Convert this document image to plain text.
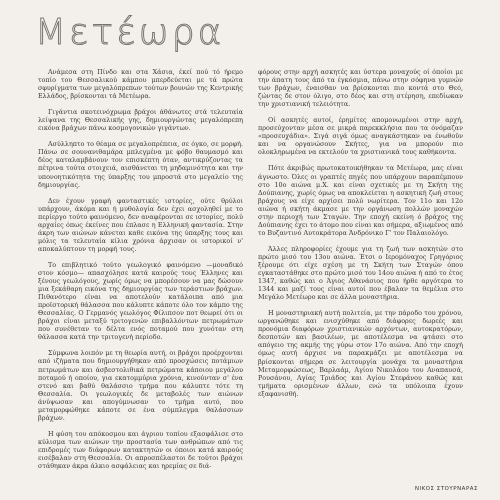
Μετέωρα

Ανάμεσα στη Πίνδο και στα Χάσια, έκεί πού τό ήρεμο τοπίο του Θεσσαλικού κάμπου μπερδεύεται με τά πρώτα σφυρίγματα των μεγαλόπρεπων τούτων βουνών της Κεντρικής Ελλάδος, βρίσκονται τά Μετέωρα.

Γιγάντια σκοτεινόχρωμα βράχοι άθάνωτες στά τελευταία λείψανα της Θεσσαλικής γης, δημιουργώντας μεγαλόπρεπη εικόνα βράχων πάνω κοσμογονικών γιγάντων.

Ασύλληπτο το θέαμα σε μεγαλοπρέπεια, σε όγκο, σε μορφή. Πάνω σε σουνανιθαμάρα μπλεγμένα με φόβο θαυμασμό και δέος καταλαμβάνουν τον επισκέπτη όταν, αντικρύζοντας τα πέτρινα τούτα στοιχειά, αισθάνεται τη μηδαμινότητα και την υπονοητικότητα της ύπαρξης του μπροστά στο μεγαλείο της δημιουργίας.

Δεν έχουν γραφή φανταστικές ιστορίες, ούτε θρύλοι υπάρχουν, άκόμα και ή μυθολογία δεν έχει ασχοληθεί με το περίεργο τούτο φαινόμενο, δεν αναφέρονται σε ιστορίες, πολύ αρχαίες όπως έκείνες που έπλασε η Ελληνική φαντασία. Στην άκρη των αιώνων κάνεται καθε εικόνα της ύπαρξης τους και μόλις τα τελευταία κίλια χρόνια άρχισαν οι ιστορικοί ν' αποκαλύπτουν τη μορφή τους.

Το επιβλητικό τούτο γεωλογικό φαινόμενο —μοναδικό στον κόσμο— απασχόλησε κατά καιρούς τους Έλληνες και ξένους γεωλόγους, χωρίς όμως να μπορέσουν να μας δώσουν μια ξεκάθαρη εικόνα της δημιουργίας των τεράστιων βράχων. Πιθανότερο είναι να αποτελούν κατάλοιπα από μια προϊστορική θάλασσα που κάλυπτε κάποτε όλο τον κάμπο της Θεσσαλίας. Ο Γερμανός γεωλόγος Φίλιπσον ποτ θεωρεί ότι οι βράχοι είναι μεταξύ τριτογενών επιβαλλόντων πετρωμάτων που συνέθεταν το δέλτα ενός ποταμού που χυνόταν στη θάλασσα κατά την τριτογενή περίοδο.

Σύμφωνα λοιπόν με τη θεωρία αυτή, οι βράχοι προέρχονται από ιζήματα που δημιουργήθηκαν από προσχώσεις ποτάμιων πετρωμάτων και άσβεστολιθικά πετρώματα κάποιου μεγάλου ποταμού ή οποίου, για εκατομμύρια χρόνια, κινούνταν σ' ένα στενό και βαθύ θαλάσσιο τμήμα που κάλυπτε τότε τη Θεσσαλία. Οι γεωλογικές δε μεταβολές των αιώνων άνύψωσαν και απογύμνωσαν το τμήμα αυτό, που μεταμορφώθηκε κάποτε σε ένα σύμπλεγμα θαλάσσιων βράχων.

Η φύση του απόκοσμου και άγριου τοπίου εξασφάλισε στο κύλισμα των αιώνων την προστασία των ανθρώπων από τις επιδρομές των διάφορων κατακτητών οι όποιοι κατά καιρούς εισέβαλαν στη Θεσσαλία. Οι απροσπέλαστοι δε τούτοι βράχοι στάθηκαν άκρα άλκιο ασφάλειας και ηρεμίας σε διά-

φόρους στην αρχή ασκητές και ύστερα μοναχούς οί όποίοι με την άπατη τους άπό τα έγκόσμια, πάνω στην σόφηνα γυμνών των βράχων, έναισθαν να βρίσκονται πιο κοντά στο Θεό, ζώντας δε στον όλιγο, στο δέος και στη στέρηση, επεδίωκαν την χριστιανική τελειότητα.

Οί ασκητές αυτοί, έρημίτες απομονωμένοι στην αρχή, προσεύχονταν μέσα σε μικρά παρεκκλήσια που τα όνόμαζαν «προσευχάδια». Σιγά σιγά όμως αναγκάστηκαν να ένωθοϋν και να οργανώσουν Σκήτες, για να μπορούν πιο ολοκληρωμένα να εκτελούν τα χριστιανικά τους καθήκοντα.

Πότε άκριβώς πρωτοκατοικήθηκαν τα Μετέωρα, μας είναι άγνωστο. Όλες οι γραπτές πηγές που υπάρχουν παραπέμπουν στο 10ο αιώνα μ.Χ. και είναι σχετικές με τη Σκήτη της Δούπιανης, χωρίς όμως να αποκλείεται η ασκητική ζωή στους βράχους να είχε αρχίσει πολύ νωρίτερα. Τον 11ο και 12ο αιώνα ή σκήτη άκμασε με την οργάνωση πολλών μοναχών στην περιοχή των Σταγών. Την εποχή εκείνη ό βράχος της Δούπιανης έχει το άτομο που είναι και σήμερα, αξιωμένος από το Βυζαντινό Αυτοκράτορα Άνδρόνικο Γ' τον Παλαιολόγο.

Άλλες πληροφορίες έχουμε για τη ζωή των ασκητών στο πρώτο μισό του 13ου αιώνα. Έτσι ο Ιερομόναχος Γρηγόριος ξέρουμε ότι είχε σχέση με τη Σκήτη των Σταγών όπου εγκαταστάθηκε στο πρώτο μισό του 14ου αιώνα ή από το έτος 1347, καθώς και ο Άγιος Αθανάσιος που ήρθε αργότερα το 1344 και μαζί τους είναι αυτοί που έβαλαν τα θεμέλια στο Μεγάλο Μετέωρο και σε άλλα μοναστήρια.

Η μοναστηριακή αυτή πολιτεία, με την πάροδο του χρόνου, ωργανώθηκε και ενισχύθηκε από διάφορες δωρεές και προνόμια διαφόρων χριστιανικών αρχόντων, αυτοκρατόρων, δεσποτών και βασιλέων, με αποτέλεσμα να φτάσει στο απόγειο της ακμής της γύρω στον 17ο αιώνα. Από την εποχή όμως αυτή άρχισε να παρακμάζει με αποτέλεσμα να βρίσκονται σήμερα σε λειτουργία μονάχα τα μοναστήρια Μεταμορφώσεως, Βαρλαάμ, Αγίου Νικολάου του Αναπαυσά, Ρουσάνου, Αγίας Τριάδος και Αγίου Στεφάνου καθώς και τμήματα ορισμένων άλλων, ενώ τα υπόλοιπα έχουν εξαφανισθή.

ΝΙΚΟΣ ΣΤΟΥΡΝΑΡΑΣ
